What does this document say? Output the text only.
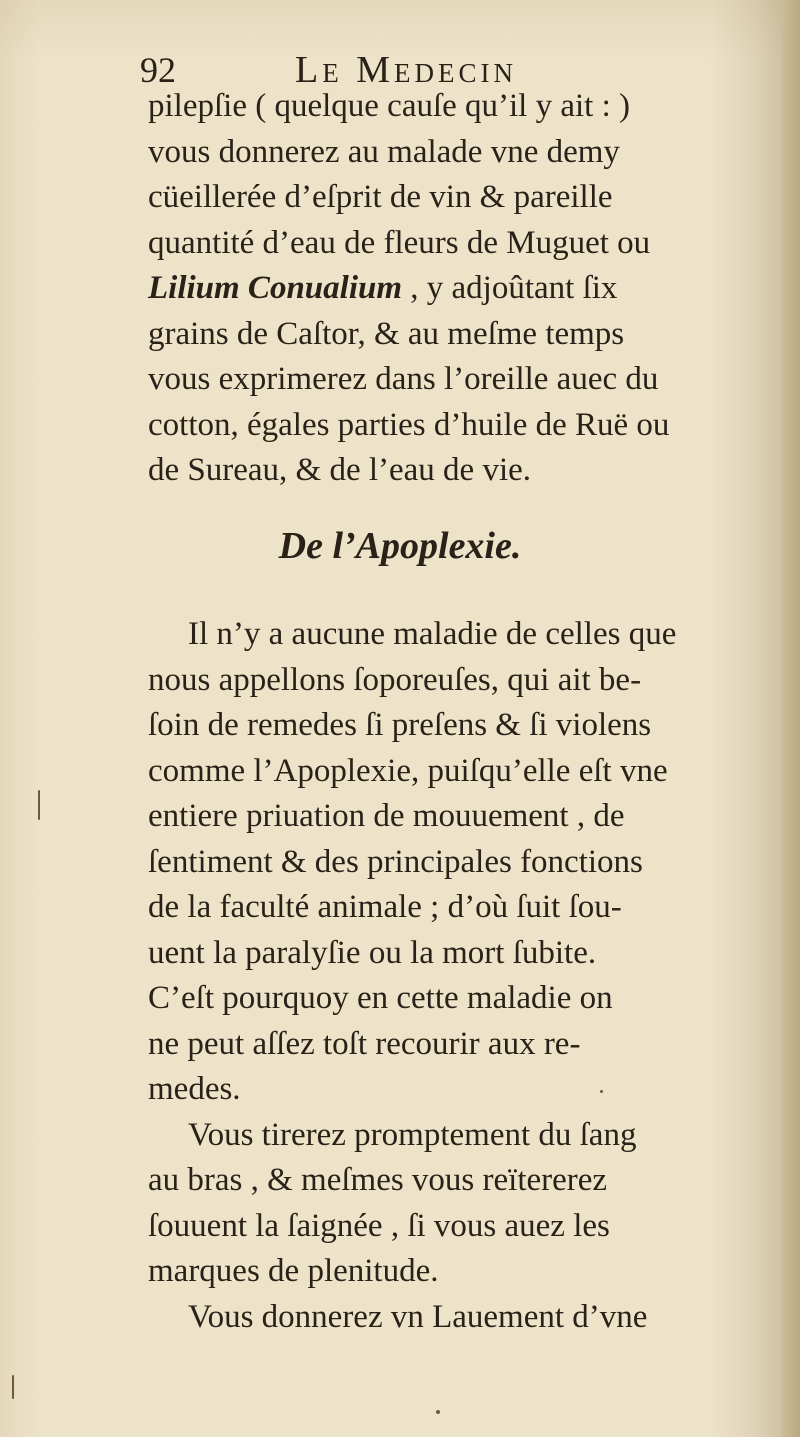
92	Le Medecin
pilepſie ( quelque cauſe qu’il y ait : )
vous donnerez au malade vne demy
cüeillerée d’eſprit de vin & pareille
quantité d’eau de fleurs de Muguet ou
Lilium Conualium , y adjoûtant ſix
grains de Caſtor, & au meſme temps
vous exprimerez dans l’oreille auec du
cotton, égales parties d’huile de Ruë ou
de Sureau, & de l’eau de vie.
De l’Apoplexie.
Il n’y a aucune maladie de celles que
nous appellons ſoporeuſes, qui ait be-
ſoin de remedes ſi preſens & ſi violens
comme l’Apoplexie, puiſqu’elle eſt vne
entiere priuation de mouuement , de
ſentiment & des principales fonctions
de la faculté animale ; d’où ſuit ſou-
uent la paralyſie ou la mort ſubite.
C’eſt pourquoy en cette maladie on
ne peut aſſez toſt recourir aux re-
medes.
Vous tirerez promptement du ſang
au bras , & meſmes vous reïtererez
ſouuent la ſaignée , ſi vous auez les
marques de plenitude.
Vous donnerez vn Lauement d’vne
